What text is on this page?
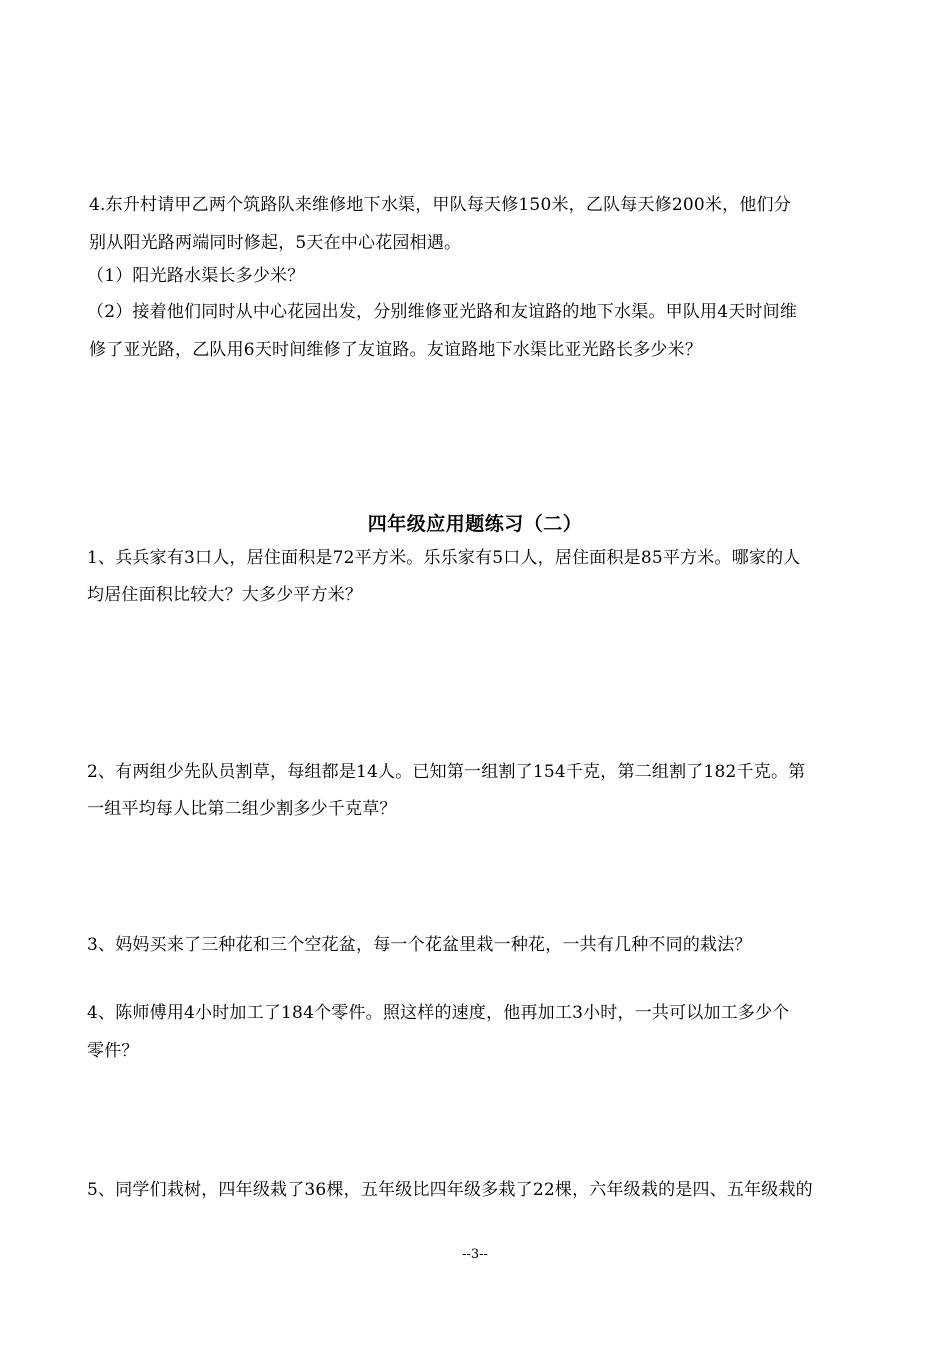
4.东升村请甲乙两个筑路队来维修地下水渠，甲队每天修150米，乙队每天修200米，他们分
别从阳光路两端同时修起，5天在中心花园相遇。
（1）阳光路水渠长多少米？
（2）接着他们同时从中心花园出发，分别维修亚光路和友谊路的地下水渠。甲队用4天时间维
修了亚光路，乙队用6天时间维修了友谊路。友谊路地下水渠比亚光路长多少米？
四年级应用题练习（二）
1、兵兵家有3口人，居住面积是72平方米。乐乐家有5口人，居住面积是85平方米。哪家的人
均居住面积比较大？大多少平方米？
2、有两组少先队员割草，每组都是14人。已知第一组割了154千克，第二组割了182千克。第
一组平均每人比第二组少割多少千克草？
3、妈妈买来了三种花和三个空花盆，每一个花盆里栽一种花，一共有几种不同的栽法？
4、陈师傅用4小时加工了184个零件。照这样的速度，他再加工3小时，一共可以加工多少个
零件？
5、同学们栽树，四年级栽了36棵，五年级比四年级多栽了22棵，六年级栽的是四、五年级栽的
--3--
